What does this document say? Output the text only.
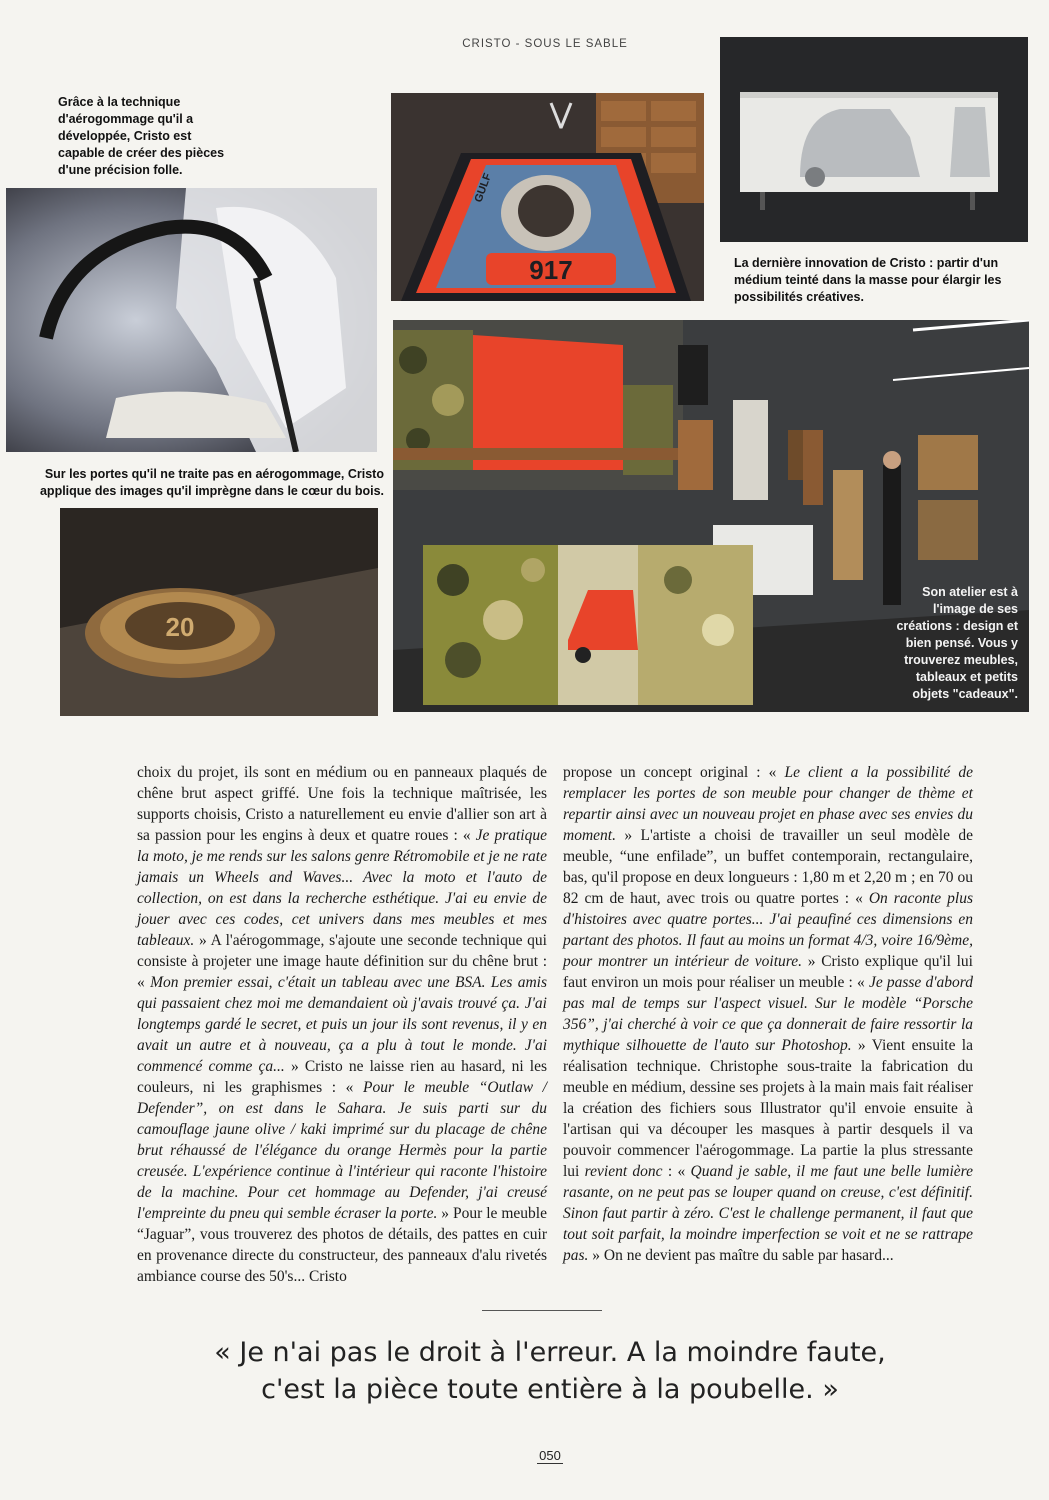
CRISTO - SOUS LE SABLE
Grâce à la technique
d'aérogommage qu'il a
développée, Cristo est
capable de créer des pièces
d'une précision folle.
917
GULF
La dernière innovation de Cristo : partir d'un
médium teinté dans la masse pour élargir les
possibilités créatives.
Sur les portes qu'il ne traite pas en aérogommage, Cristo
applique des images qu'il imprègne dans le cœur du bois.
20
Son atelier est à
l'image de ses
créations : design et
bien pensé. Vous y
trouverez meubles,
tableaux et petits
objets "cadeaux".

choix du projet, ils sont en médium ou en panneaux plaqués de chêne brut aspect griffé. Une fois la technique maîtrisée, les supports choisis, Cristo a naturellement eu envie d'allier son art à sa passion pour les engins à deux et quatre roues : « Je pratique la moto, je me rends sur les salons genre Rétromobile et je ne rate jamais un Wheels and Waves... Avec la moto et l'auto de collection, on est dans la recherche esthétique. J'ai eu envie de jouer avec ces codes, cet univers dans mes meubles et mes tableaux. » A l'aérogommage, s'ajoute une seconde technique qui consiste à projeter une image haute définition sur du chêne brut : « Mon premier essai, c'était un tableau avec une BSA. Les amis qui passaient chez moi me demandaient où j'avais trouvé ça. J'ai longtemps gardé le secret, et puis un jour ils sont revenus, il y en avait un autre et à nouveau, ça a plu à tout le monde. J'ai commencé comme ça... » Cristo ne laisse rien au hasard, ni les couleurs, ni les graphismes : « Pour le meuble “Outlaw / Defender”, on est dans le Sahara. Je suis parti sur du camouflage jaune olive / kaki imprimé sur du placage de chêne brut réhaussé de l'élégance du orange Hermès pour la partie creusée. L'expérience continue à l'intérieur qui raconte l'histoire de la machine. Pour cet hommage au Defender, j'ai creusé l'empreinte du pneu qui semble écraser la porte. » Pour le meuble “Jaguar”, vous trouverez des photos de détails, des pattes en cuir en provenance directe du constructeur, des panneaux d'alu rivetés ambiance course des 50's... Cristo

propose un concept original : « Le client a la possibilité de remplacer les portes de son meuble pour changer de thème et repartir ainsi avec un nouveau projet en phase avec ses envies du moment. » L'artiste a choisi de travailler un seul modèle de meuble, “une enfilade”, un buffet contemporain, rectangulaire, bas, qu'il propose en deux longueurs : 1,80 m et 2,20 m ; en 70 ou 82 cm de haut, avec trois ou quatre portes : « On raconte plus d'histoires avec quatre portes... J'ai peaufiné ces dimensions en partant des photos. Il faut au moins un format 4/3, voire 16/9ème, pour montrer un intérieur de voiture. » Cristo explique qu'il lui faut environ un mois pour réaliser un meuble : « Je passe d'abord pas mal de temps sur l'aspect visuel. Sur le modèle “Porsche 356”, j'ai cherché à voir ce que ça donnerait de faire ressortir la mythique silhouette de l'auto sur Photoshop. » Vient ensuite la réalisation technique. Christophe sous-traite la fabrication du meuble en médium, dessine ses projets à la main mais fait réaliser la création des fichiers sous Illustrator qu'il envoie ensuite à l'artisan qui va découper les masques à partir desquels il va pouvoir commencer l'aérogommage. La partie la plus stressante lui revient donc : « Quand je sable, il me faut une belle lumière rasante, on ne peut pas se louper quand on creuse, c'est définitif. Sinon faut partir à zéro. C'est le challenge permanent, il faut que tout soit parfait, la moindre imperfection se voit et ne se rattrape pas. » On ne devient pas maître du sable par hasard...

« Je n'ai pas le droit à l'erreur. A la moindre faute,
c'est la pièce toute entière à la poubelle. »
050
